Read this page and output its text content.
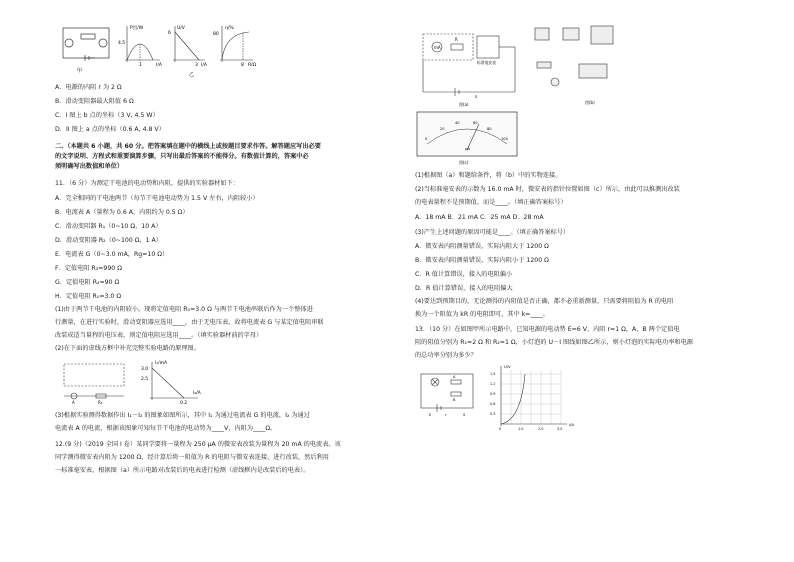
甲
P出/W
I/A
4.5
1
U/V
I/A
6
3
乙
η/%
R/Ω
80
8
A．电源的内阻 r 为 2 Ω
B．滑动变阻器最大阻值 6 Ω
C．I 图上 b 点的坐标（3 V, 4.5 W）
D．II 图上 a 点的坐标（0.6 A, 4.8 V）
二、（本题共 6 小题，共 60 分。把答案填在题中的横线上或按题目要求作答。解答题应写出必要
的文字说明、方程式和重要演算步骤，只写出最后答案的不能得分。有数值计算的，答案中必
须明确写出数值和单位）
11．（6 分）为测定干电池的电动势和内阻，提供的实验器材如下：
A．完全相同的干电池两节（每节干电池电动势为 1.5 V 左右，内阻较小）
B．电流表 A（量程为 0.6 A，内阻约为 0.5 Ω）
C．滑动变阻器 R₁（0~10 Ω，10 A）
D．滑动变阻器 R₂（0~100 Ω，1 A）
E．电流表 G（0~3.0 mA，Rg=10 Ω）
F．定值电阻 R₃=990 Ω
G．定值电阻 R₄=90 Ω
H．定值电阻 R₀=3.0 Ω
(1)由于两节干电池的内阻较小，现将定值电阻 R₀=3.0 Ω 与两节干电池串联后作为一个整体进
行测量，在进行实验时，滑动变阻器应选用____，由于无电压表，故将电流表 G 与某定值电阻串联
改装成适当量程的电压表，则定值电阻应选用____。（填实验器材前的字母）
(2)在下面的虚线方框中补充完整实验电路的原理图。
A	R₀
I₁/mA
3.0
2.5
0.2
I₂/A
(3)根据实验测得数据作出 I₁－I₂ 的图象如图所示，其中 I₁ 为通过电流表 G 的电流，I₂ 为通过
电流表 A 的电流，根据该图象可知每节干电池的电动势为____V，内阻为____Ω。
12.(9 分)（2019 全国 I 卷）某同学要将一量程为 250 μA 的微安表改装为量程为 20 mA 的电流表。该
同学测得微安表内阻为 1200 Ω，经计算后将一阻值为 R 的电阻与微安表连接，进行改装，然后利用
一标准毫安表，根据图（a）所示电路对改装后的电表进行检测（虚线框内是改装后的电表）。
mA
R
标准毫安表
S
图(a)	图(b)
0
20
40	60
80
100
μA
图(c)
(1)根据图（a）和题给条件，将（b）中的实物连接。
(2)当标准毫安表的示数为 16.0 mA 时，微安表的指针位置如图（c）所示，由此可以推测出改装
的电表量程不是预期值，而是____。（填正确答案标号）
A．18 mA B．21 mA C．25 mA D．28 mA
(3)产生上述问题的原因可能是____。（填正确答案标号）
A．微安表内阻测量错误，实际内阻大于 1200 Ω
B．微安表内阻测量错误，实际内阻小于 1200 Ω
C．R 值计算错误，接入的电阻偏小
D．R 值计算错误，接入的电阻偏大
(4)要达到预期目的，无论测得的内阻值是否正确，都不必重新测量，只需要将阻值为 R 的电阻
换为一个阻值为 kR 的电阻即可，其中 k=____。
13．（10 分）在如图甲所示电路中，已知电源的电动势 E=6 V、内阻 r=1 Ω，A、B 两个定值电
阻的阻值分别为 R₁=2 Ω 和 R₂=1 Ω，小灯泡的 U－I 图线如图乙所示，则小灯泡的实际电功率和电源
的总功率分别为多少？
A
B
E	r	S
U/V
1.5
1.2
0.9
0.6
0.3
0	1.0	2.0	3.0
I/A
